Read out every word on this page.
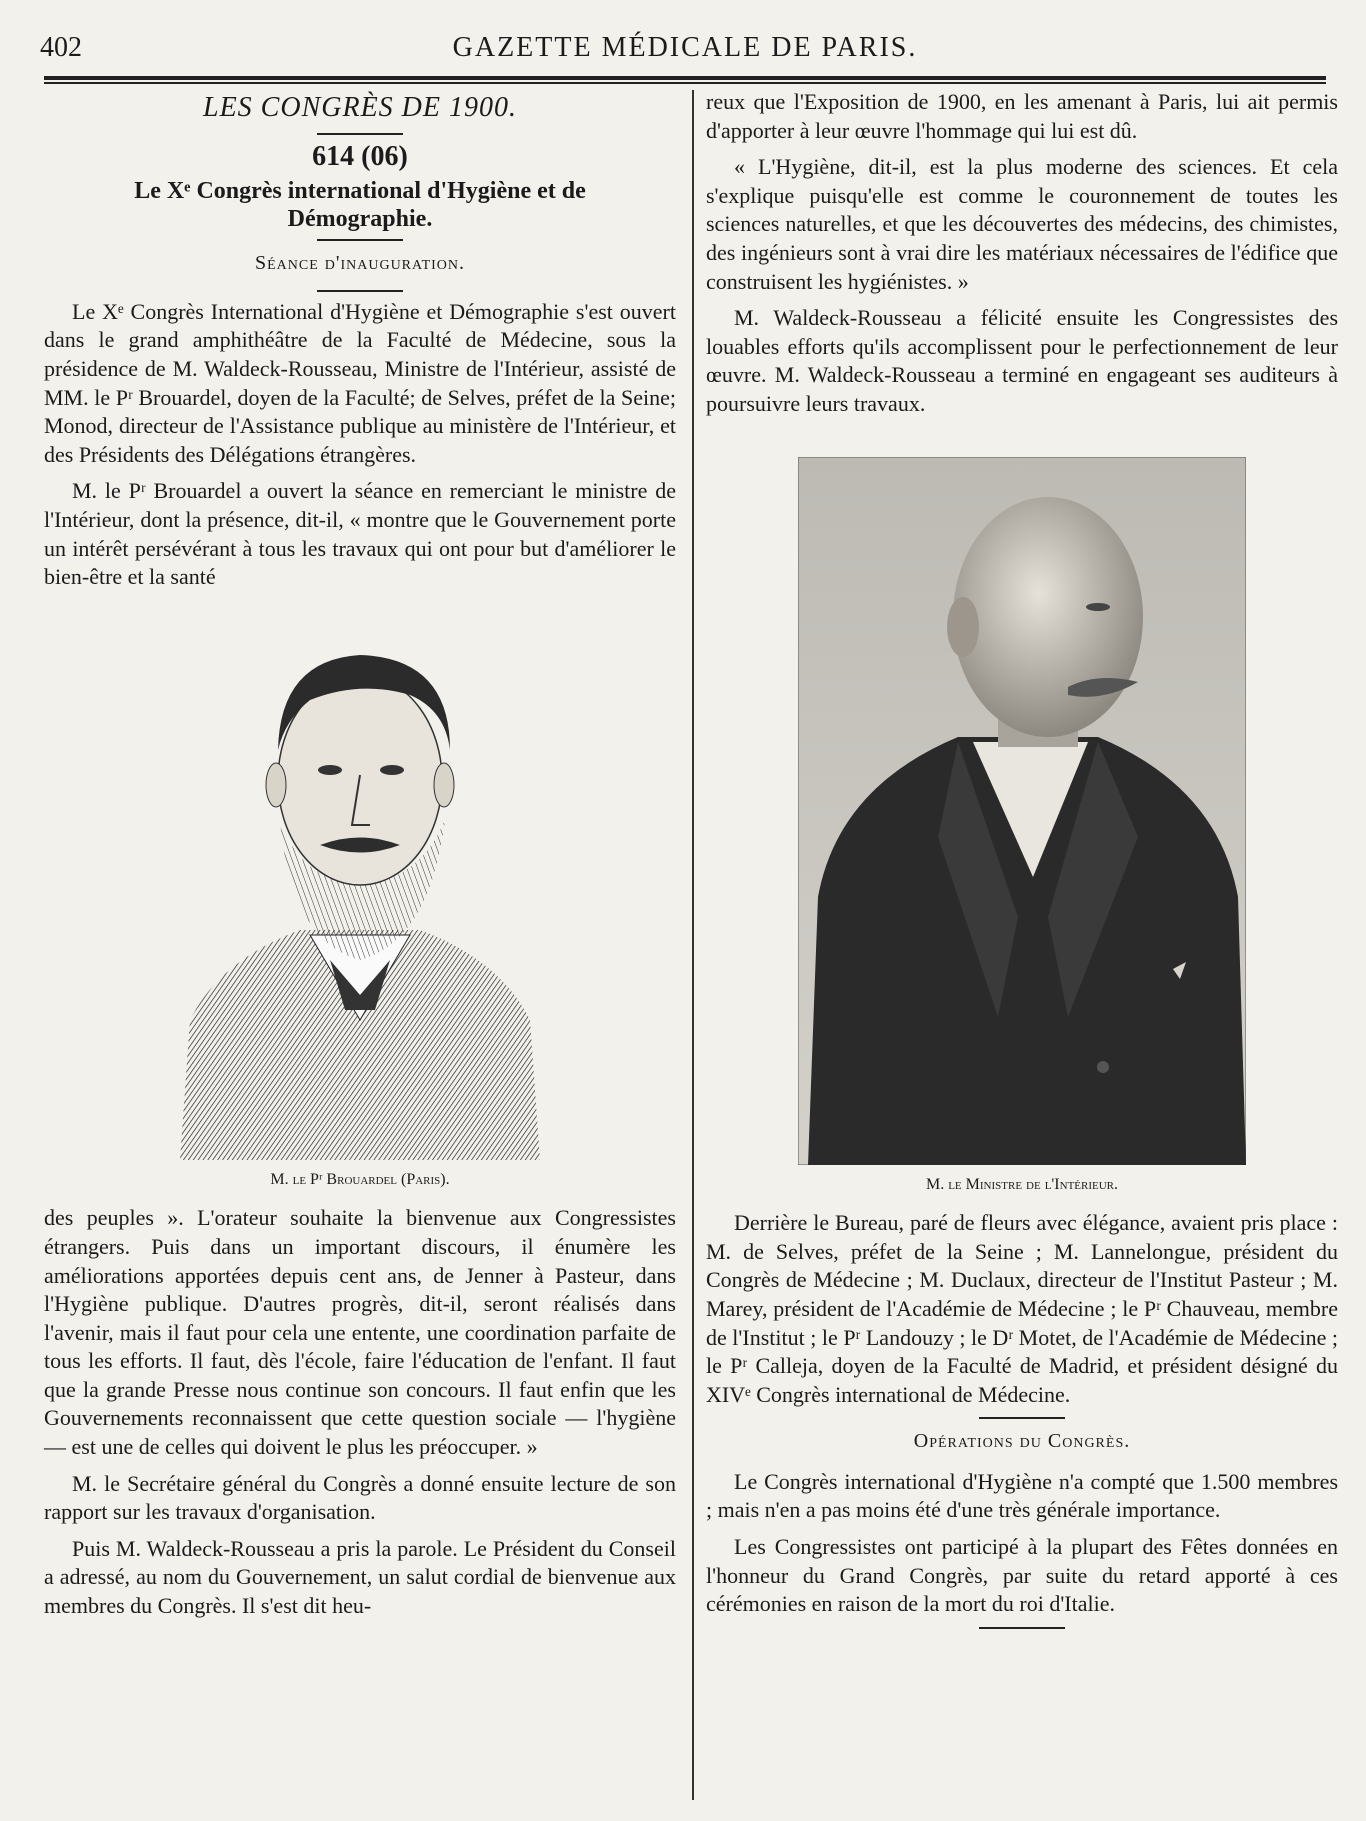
402	GAZETTE MÉDICALE DE PARIS.
LES CONGRÈS DE 1900.
614 (06)
Le Xᵉ Congrès international d'Hygiène et de Démographie.
Séance d'inauguration.

Le Xᵉ Congrès International d'Hygiène et Démographie s'est ouvert dans le grand amphithéâtre de la Faculté de Médecine, sous la présidence de M. Waldeck-Rousseau, Ministre de l'Intérieur, assisté de MM. le Pʳ Brouardel, doyen de la Faculté; de Selves, préfet de la Seine; Monod, directeur de l'Assistance publique au ministère de l'Intérieur, et des Présidents des Délégations étrangères.

M. le Pʳ Brouardel a ouvert la séance en remerciant le ministre de l'Intérieur, dont la présence, dit-il, « montre que le Gouvernement porte un intérêt persévérant à tous les travaux qui ont pour but d'améliorer le bien-être et la santé

M. le Pʳ Brouardel (Paris).

des peuples ». L'orateur souhaite la bienvenue aux Congressistes étrangers. Puis dans un important discours, il énumère les améliorations apportées depuis cent ans, de Jenner à Pasteur, dans l'Hygiène publique. D'autres progrès, dit-il, seront réalisés dans l'avenir, mais il faut pour cela une entente, une coordination parfaite de tous les efforts. Il faut, dès l'école, faire l'éducation de l'enfant. Il faut que la grande Presse nous continue son concours. Il faut enfin que les Gouvernements reconnaissent que cette question sociale — l'hygiène — est une de celles qui doivent le plus les préoccuper. »

M. le Secrétaire général du Congrès a donné ensuite lecture de son rapport sur les travaux d'organisation.

Puis M. Waldeck-Rousseau a pris la parole. Le Président du Conseil a adressé, au nom du Gouvernement, un salut cordial de bienvenue aux membres du Congrès. Il s'est dit heu-

reux que l'Exposition de 1900, en les amenant à Paris, lui ait permis d'apporter à leur œuvre l'hommage qui lui est dû.

« L'Hygiène, dit-il, est la plus moderne des sciences. Et cela s'explique puisqu'elle est comme le couronnement de toutes les sciences naturelles, et que les découvertes des médecins, des chimistes, des ingénieurs sont à vrai dire les matériaux nécessaires de l'édifice que construisent les hygiénistes. »

M. Waldeck-Rousseau a félicité ensuite les Congressistes des louables efforts qu'ils accomplissent pour le perfectionnement de leur œuvre. M. Waldeck-Rousseau a terminé en engageant ses auditeurs à poursuivre leurs travaux.

M. le Ministre de l'Intérieur.

Derrière le Bureau, paré de fleurs avec élégance, avaient pris place : M. de Selves, préfet de la Seine ; M. Lannelongue, président du Congrès de Médecine ; M. Duclaux, directeur de l'Institut Pasteur ; M. Marey, président de l'Académie de Médecine ; le Pʳ Chauveau, membre de l'Institut ; le Pʳ Landouzy ; le Dʳ Motet, de l'Académie de Médecine ; le Pʳ Calleja, doyen de la Faculté de Madrid, et président désigné du XIVᵉ Congrès international de Médecine.

Opérations du Congrès.

Le Congrès international d'Hygiène n'a compté que 1.500 membres ; mais n'en a pas moins été d'une très générale importance.

Les Congressistes ont participé à la plupart des Fêtes données en l'honneur du Grand Congrès, par suite du retard apporté à ces cérémonies en raison de la mort du roi d'Italie.
